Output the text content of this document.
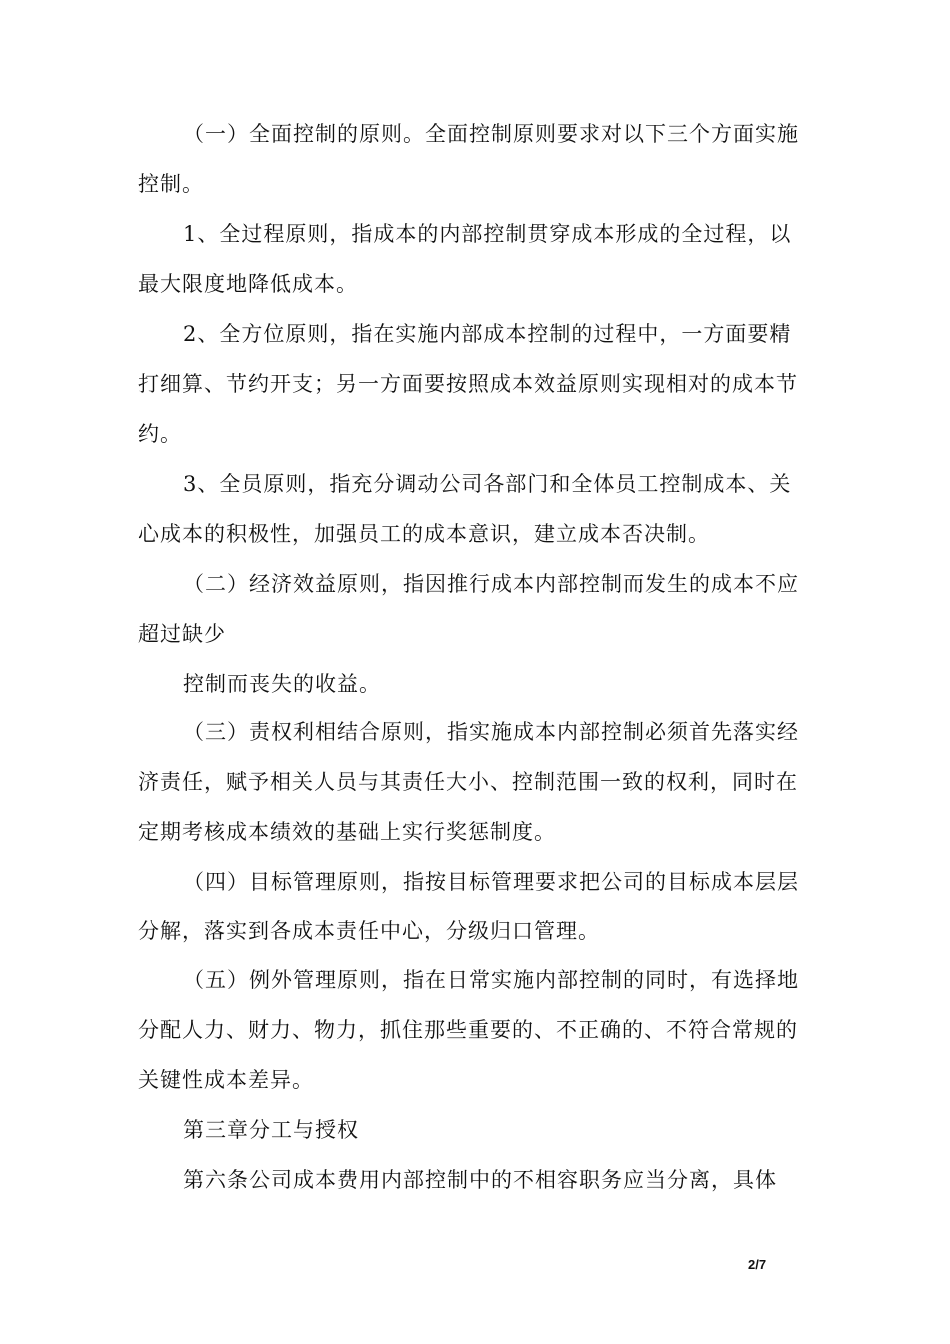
（一）全面控制的原则。全面控制原则要求对以下三个方面实施
控制。
1、全过程原则，指成本的内部控制贯穿成本形成的全过程，以
最大限度地降低成本。
2、全方位原则，指在实施内部成本控制的过程中，一方面要精
打细算、节约开支；另一方面要按照成本效益原则实现相对的成本节
约。
3、全员原则，指充分调动公司各部门和全体员工控制成本、关
心成本的积极性，加强员工的成本意识，建立成本否决制。
（二）经济效益原则，指因推行成本内部控制而发生的成本不应
超过缺少
控制而丧失的收益。
（三）责权利相结合原则，指实施成本内部控制必须首先落实经
济责任，赋予相关人员与其责任大小、控制范围一致的权利，同时在
定期考核成本绩效的基础上实行奖惩制度。
（四）目标管理原则，指按目标管理要求把公司的目标成本层层
分解，落实到各成本责任中心，分级归口管理。
（五）例外管理原则，指在日常实施内部控制的同时，有选择地
分配人力、财力、物力，抓住那些重要的、不正确的、不符合常规的
关键性成本差异。
第三章分工与授权
第六条公司成本费用内部控制中的不相容职务应当分离，具体
2/7
